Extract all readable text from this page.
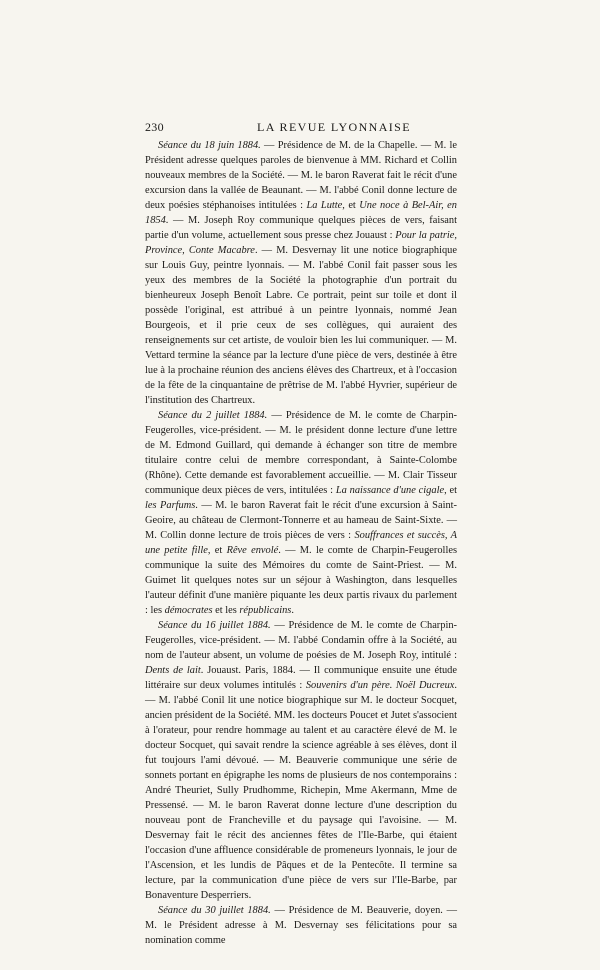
230	LA REVUE LYONNAISE

Séance du 18 juin 1884. — Présidence de M. de la Chapelle. — M. le Président adresse quelques paroles de bienvenue à MM. Richard et Collin nouveaux membres de la Société. — M. le baron Raverat fait le récit d'une excursion dans la vallée de Beaunant. — M. l'abbé Conil donne lecture de deux poésies stéphanoises intitulées : La Lutte, et Une noce à Bel-Air, en 1854. — M. Joseph Roy communique quelques pièces de vers, faisant partie d'un volume, actuellement sous presse chez Jouaust : Pour la patrie, Province, Conte Macabre. — M. Desvernay lit une notice biographique sur Louis Guy, peintre lyonnais. — M. l'abbé Conil fait passer sous les yeux des membres de la Société la photographie d'un portrait du bienheureux Joseph Benoît Labre. Ce portrait, peint sur toile et dont il possède l'original, est attribué à un peintre lyonnais, nommé Jean Bourgeois, et il prie ceux de ses collègues, qui auraient des renseignements sur cet artiste, de vouloir bien les lui communiquer. — M. Vettard termine la séance par la lecture d'une pièce de vers, destinée à être lue à la prochaine réunion des anciens élèves des Chartreux, et à l'occasion de la fête de la cinquantaine de prêtrise de M. l'abbé Hyvrier, supérieur de l'institution des Chartreux.

Séance du 2 juillet 1884. — Présidence de M. le comte de Charpin-Feugerolles, vice-président. — M. le président donne lecture d'une lettre de M. Edmond Guillard, qui demande à échanger son titre de membre titulaire contre celui de membre correspondant, à Sainte-Colombe (Rhône). Cette demande est favorablement accueillie. — M. Clair Tisseur communique deux pièces de vers, intitulées : La naissance d'une cigale, et les Parfums. — M. le baron Raverat fait le récit d'une excursion à Saint-Geoire, au château de Clermont-Tonnerre et au hameau de Saint-Sixte. — M. Collin donne lecture de trois pièces de vers : Souffrances et succès, A une petite fille, et Rêve envolé. — M. le comte de Charpin-Feugerolles communique la suite des Mémoires du comte de Saint-Priest. — M. Guimet lit quelques notes sur un séjour à Washington, dans lesquelles l'auteur définit d'une manière piquante les deux partis rivaux du parlement : les démocrates et les républicains.

Séance du 16 juillet 1884. — Présidence de M. le comte de Charpin-Feugerolles, vice-président. — M. l'abbé Condamin offre à la Société, au nom de l'auteur absent, un volume de poésies de M. Joseph Roy, intitulé : Dents de lait. Jouaust. Paris, 1884. — Il communique ensuite une étude littéraire sur deux volumes intitulés : Souvenirs d'un père. Noël Ducreux. — M. l'abbé Conil lit une notice biographique sur M. le docteur Socquet, ancien président de la Société. MM. les docteurs Poucet et Jutet s'associent à l'orateur, pour rendre hommage au talent et au caractère élevé de M. le docteur Socquet, qui savait rendre la science agréable à ses élèves, dont il fut toujours l'ami dévoué. — M. Beauverie communique une série de sonnets portant en épigraphe les noms de plusieurs de nos contemporains : André Theuriet, Sully Prudhomme, Richepin, Mme Akermann, Mme de Pressensé. — M. le baron Raverat donne lecture d'une description du nouveau pont de Francheville et du paysage qui l'avoisine. — M. Desvernay fait le récit des anciennes fêtes de l'Ile-Barbe, qui étaient l'occasion d'une affluence considérable de promeneurs lyonnais, le jour de l'Ascension, et les lundis de Pâques et de la Pentecôte. Il termine sa lecture, par la communication d'une pièce de vers sur l'Ile-Barbe, par Bonaventure Desperriers.

Séance du 30 juillet 1884. — Présidence de M. Beauverie, doyen. — M. le Président adresse à M. Desvernay ses félicitations pour sa nomination comme
